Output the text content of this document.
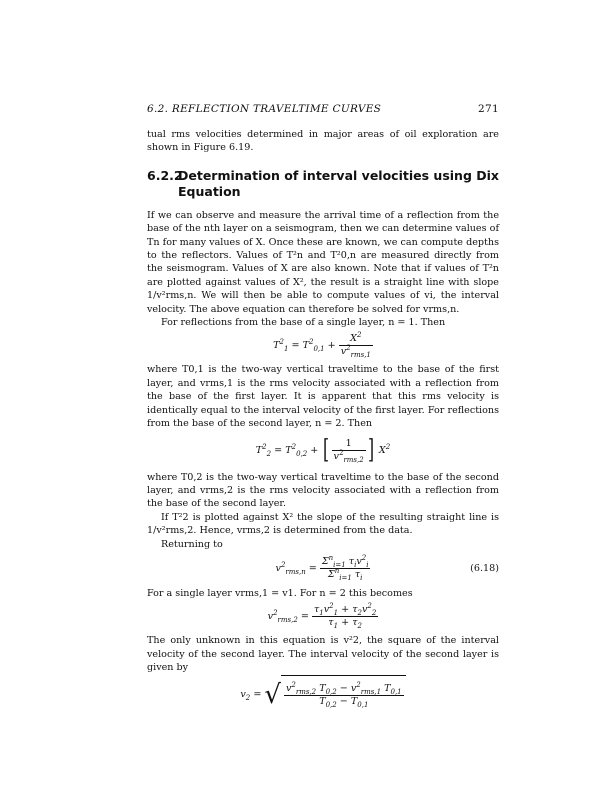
6.2. REFLECTION TRAVELTIME CURVES	271

tual rms velocities determined in major areas of oil exploration are shown in Figure 6.19.

6.2.2
Determination of interval velocities using Dix Equation

If we can observe and measure the arrival time of a reflection from the base of the nth layer on a seismogram, then we can determine values of Tn for many values of X. Once these are known, we can compute depths to the reflectors. Values of T²n and T²0,n are measured directly from the seismogram. Values of X are also known. Note that if values of T²n are plotted against values of X², the result is a straight line with slope 1/v²rms,n. We will then be able to compute values of vi, the interval velocity. The above equation can therefore be solved for vrms,n.

For reflections from the base of a single layer, n = 1. Then

$T^2_1 = T^2_{0,1} + \frac{X^2}{v^2_{rms,1}}$

where T0,1 is the two-way vertical traveltime to the base of the first layer, and vrms,1 is the rms velocity associated with a reflection from the base of the first layer. It is apparent that this rms velocity is identically equal to the interval velocity of the first layer. For reflections from the base of the second layer, n = 2. Then

$T^2_2 = T^2_{0,2}$ + [ $\frac{1}{v^2_{rms,2}}$ ] $X^2$

where T0,2 is the two-way vertical traveltime to the base of the second layer, and vrms,2 is the rms velocity associated with a reflection from the base of the second layer.

If T²2 is plotted against X² the slope of the resulting straight line is 1/v²rms,2. Hence, vrms,2 is determined from the data.

Returning to

$v^2_{rms,n} = \frac{\Sigma^n_{i=1} \tau_iv^2_i}{\Sigma^n_{i=1} \tau_i}$	(6.18)

For a single layer vrms,1 = v1. For n = 2 this becomes

$v^2_{rms,2} = \frac{\tau_1v^2_1 + \tau_2v^2_2}{\tau_1 + \tau_2}$

The only unknown in this equation is v²2, the square of the interval velocity of the second layer. The interval velocity of the second layer is given by

$v_2$ = √ $\frac{v^2_{rms,2} T_{0,2} - v^2_{rms,1} T_{0,1}}{T_{0,2} - T_{0,1}}$
